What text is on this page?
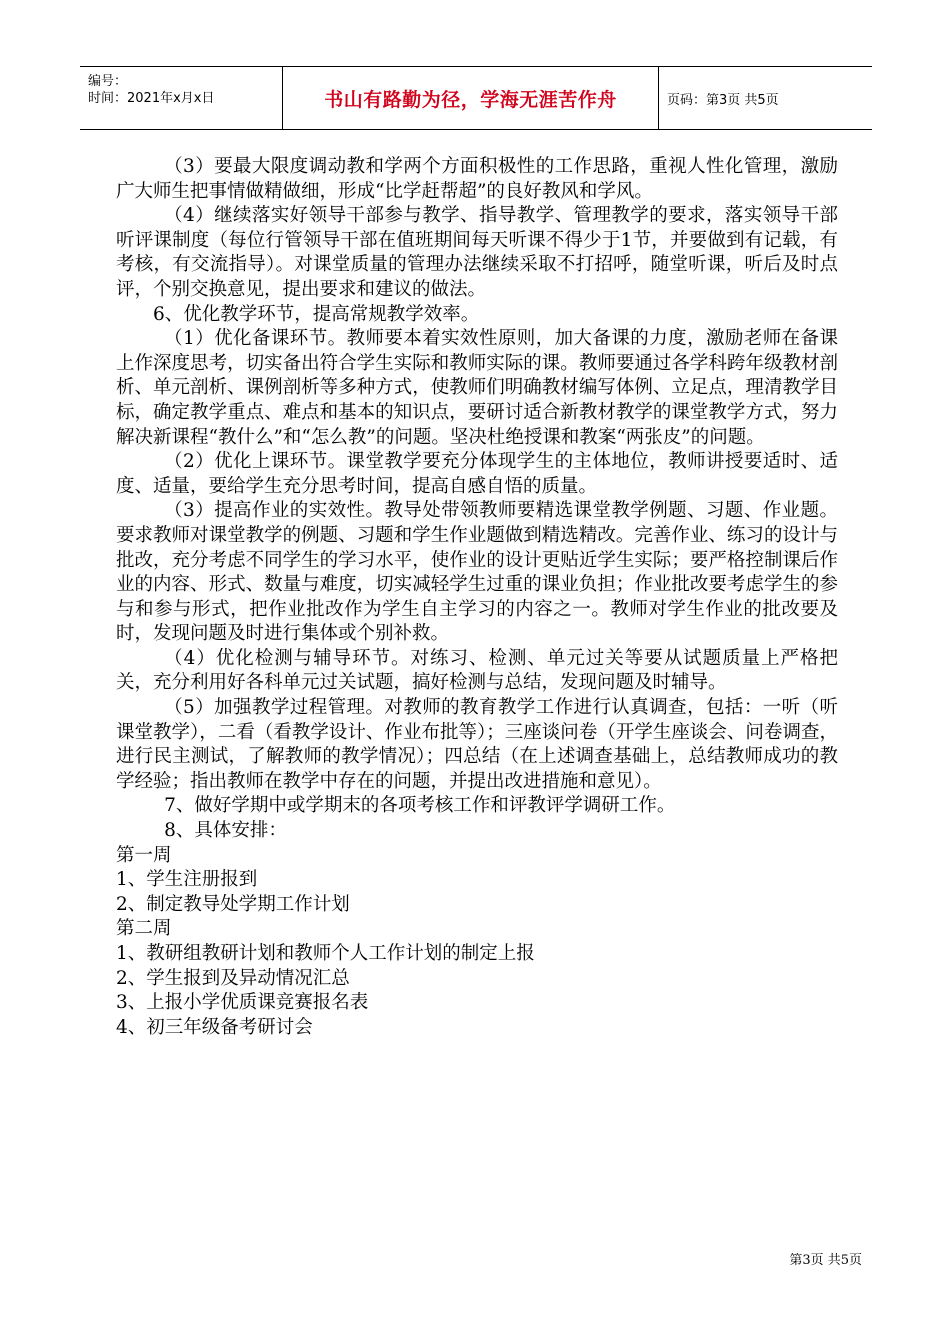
编号：
时间：2021年x月x日	书山有路勤为径，学海无涯苦作舟	页码：第3页 共5页

（3）要最大限度调动教和学两个方面积极性的工作思路，重视人性化管理，激励广大师生把事情做精做细，形成“比学赶帮超”的良好教风和学风。

（4）继续落实好领导干部参与教学、指导教学、管理教学的要求，落实领导干部听评课制度（每位行管领导干部在值班期间每天听课不得少于1节，并要做到有记载，有考核，有交流指导）。对课堂质量的管理办法继续采取不打招呼，随堂听课，听后及时点评，个别交换意见，提出要求和建议的做法。

6、优化教学环节，提高常规教学效率。

（1）优化备课环节。教师要本着实效性原则，加大备课的力度，激励老师在备课上作深度思考，切实备出符合学生实际和教师实际的课。教师要通过各学科跨年级教材剖析、单元剖析、课例剖析等多种方式，使教师们明确教材编写体例、立足点，理清教学目标，确定教学重点、难点和基本的知识点，要研讨适合新教材教学的课堂教学方式，努力解决新课程“教什么”和“怎么教”的问题。坚决杜绝授课和教案“两张皮”的问题。

（2）优化上课环节。课堂教学要充分体现学生的主体地位，教师讲授要适时、适度、适量，要给学生充分思考时间，提高自感自悟的质量。

（3）提高作业的实效性。教导处带领教师要精选课堂教学例题、习题、作业题。要求教师对课堂教学的例题、习题和学生作业题做到精选精改。完善作业、练习的设计与批改，充分考虑不同学生的学习水平，使作业的设计更贴近学生实际；要严格控制课后作业的内容、形式、数量与难度，切实减轻学生过重的课业负担；作业批改要考虑学生的参与和参与形式，把作业批改作为学生自主学习的内容之一。教师对学生作业的批改要及时，发现问题及时进行集体或个别补救。

（4）优化检测与辅导环节。对练习、检测、单元过关等要从试题质量上严格把关，充分利用好各科单元过关试题，搞好检测与总结，发现问题及时辅导。

（5）加强教学过程管理。对教师的教育教学工作进行认真调查，包括：一听（听课堂教学），二看（看教学设计、作业布批等）；三座谈问卷（开学生座谈会、问卷调查，进行民主测试，了解教师的教学情况）；四总结（在上述调查基础上，总结教师成功的教学经验；指出教师在教学中存在的问题，并提出改进措施和意见）。

7、做好学期中或学期末的各项考核工作和评教评学调研工作。

8、具体安排：

第一周

1、学生注册报到

2、制定教导处学期工作计划

第二周

1、教研组教研计划和教师个人工作计划的制定上报

2、学生报到及异动情况汇总

3、上报小学优质课竞赛报名表

4、初三年级备考研讨会

第3页 共5页
